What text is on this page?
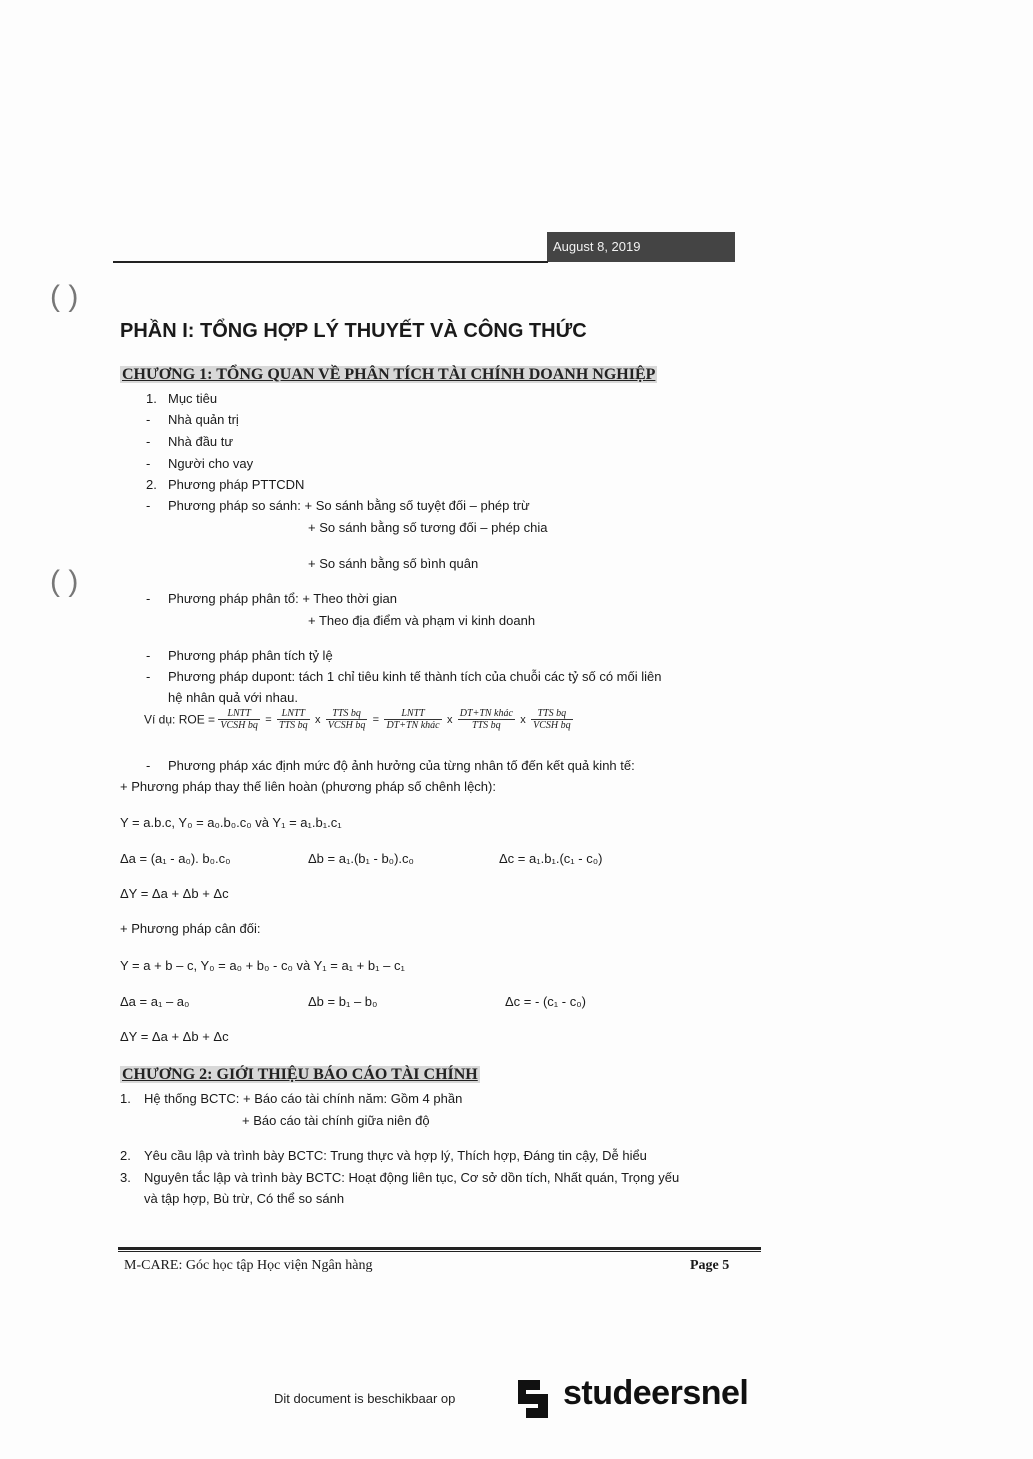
August 8, 2019
( )
( )
PHẦN I: TỔNG HỢP LÝ THUYẾT VÀ CÔNG THỨC
CHƯƠNG 1: TỔNG QUAN VỀ PHÂN TÍCH TÀI CHÍNH DOANH NGHIỆP
1. Mục tiêu
- Nhà quản trị
- Nhà đầu tư
- Người cho vay
2. Phương pháp PTTCDN
- Phương pháp so sánh: + So sánh bằng số tuyệt đối – phép trừ
+ So sánh bằng số tương đối – phép chia
+ So sánh bằng số bình quân
- Phương pháp phân tổ: + Theo thời gian
+ Theo địa điểm và phạm vi kinh doanh
- Phương pháp phân tích tỷ lệ
- Phương pháp dupont: tách 1 chỉ tiêu kinh tế thành tích của chuỗi các tỷ số có mối liên
hệ nhân quả với nhau.
Ví dụ: ROE = $\frac{\text{LNTT}}{\text{VCSH bq}} = \frac{\text{LNTT}}{\text{TTS bq}}$ x $\frac{\text{TTS bq}}{\text{VCSH bq}} = \frac{\text{LNTT}}{\text{DT+TN khác}}$ x $\frac{\text{DT+TN khác}}{\text{TTS bq}}$ x $\frac{\text{TTS bq}}{\text{VCSH bq}}$
- Phương pháp xác định mức độ ảnh hưởng của từng nhân tố đến kết quả kinh tế:
+ Phương pháp thay thế liên hoàn (phương pháp số chênh lệch):
Y = a.b.c, Y₀ = a₀.b₀.c₀ và Y₁ = a₁.b₁.c₁
Δa = (a₁ - a₀). b₀.c₀	Δb = a₁.(b₁ - b₀).c₀	Δc = a₁.b₁.(c₁ - c₀)
ΔY = Δa + Δb + Δc
+ Phương pháp cân đối:
Y = a + b – c, Y₀ = a₀ + b₀ - c₀ và Y₁ = a₁ + b₁ – c₁
Δa = a₁ – a₀	Δb = b₁ – b₀	Δc = - (c₁ - c₀)
ΔY = Δa + Δb + Δc
CHƯƠNG 2: GIỚI THIỆU BÁO CÁO TÀI CHÍNH
1. Hệ thống BCTC: + Báo cáo tài chính năm: Gồm 4 phần
+ Báo cáo tài chính giữa niên độ
2. Yêu cầu lập và trình bày BCTC: Trung thực và hợp lý, Thích hợp, Đáng tin cậy, Dễ hiểu
3. Nguyên tắc lập và trình bày BCTC: Hoạt động liên tục, Cơ sở dồn tích, Nhất quán, Trọng yếu
và tập hợp, Bù trừ, Có thể so sánh
M-CARE: Góc học tập Học viện Ngân hàng	Page 5
Dit document is beschikbaar op	studeersnel
